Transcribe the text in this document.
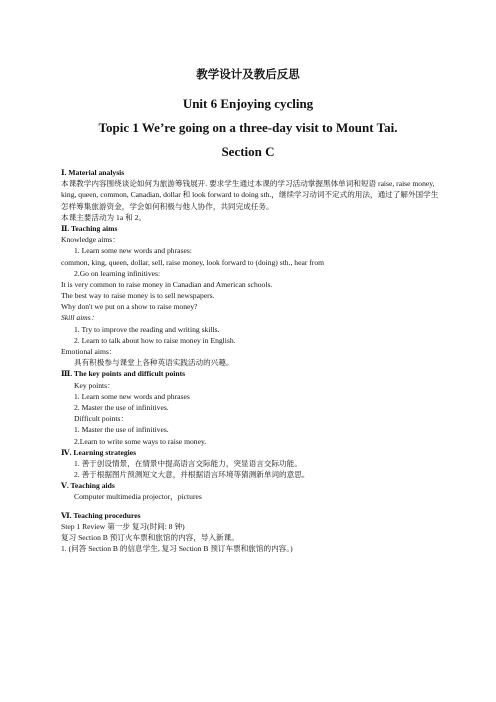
教学设计及教后反思
Unit 6 Enjoying cycling
Topic 1 We’re going on a three-day visit to Mount Tai.
Section C
Ⅰ. Material analysis
本课教学内容围绕谈论如何为旅游筹钱展开. 要求学生通过本课的学习活动掌握黑体单词和短语 raise, raise money, king, queen, common, Canadian, dollar 和 look forward to doing sth.，继续学习动词不定式的用法，通过了解外国学生怎样筹集旅游资金，学会如何积极与他人协作，共同完成任务。
本课主要活动为 1a 和 2。
Ⅱ. Teaching aims
Knowledge aims：
1. Learn some new words and phrases:
common, king, queen, dollar, sell, raise money, look forward to (doing) sth., hear from
2.Go on learning infinitives:
It is very common to raise money in Canadian and American schools.
The best way to raise money is to sell newspapers.
Why don't we put on a show to raise money?
Skill aims：
1. Try to improve the reading and writing skills.
2. Learn to talk about how to raise money in English.
Emotional aims：
具有积极参与课堂上各种英语实践活动的兴趣。
Ⅲ. The key points and difficult points
Key points：
1. Learn some new words and phrases
2. Master the use of infinitives.
Difficult points：
1. Master the use of infinitives.
2.Learn to write some ways to raise money.
Ⅳ. Learning strategies
1. 善于创设情景，在情景中提高语言交际能力，突显语言交际功能。
2. 善于根据图片预测短文大意，并根据语言环境等猜测新单词的意思。
Ⅴ. Teaching aids
Computer multimedia projector，pictures
Ⅵ. Teaching procedures
Step 1 Review 第一步 复习(时间: 8 钟)
复习 Section B 预订火车票和旅馆的内容，导入新课。
1. (问答 Section B 的信息学生, 复习 Section B 预订车票和旅馆的内容。)
